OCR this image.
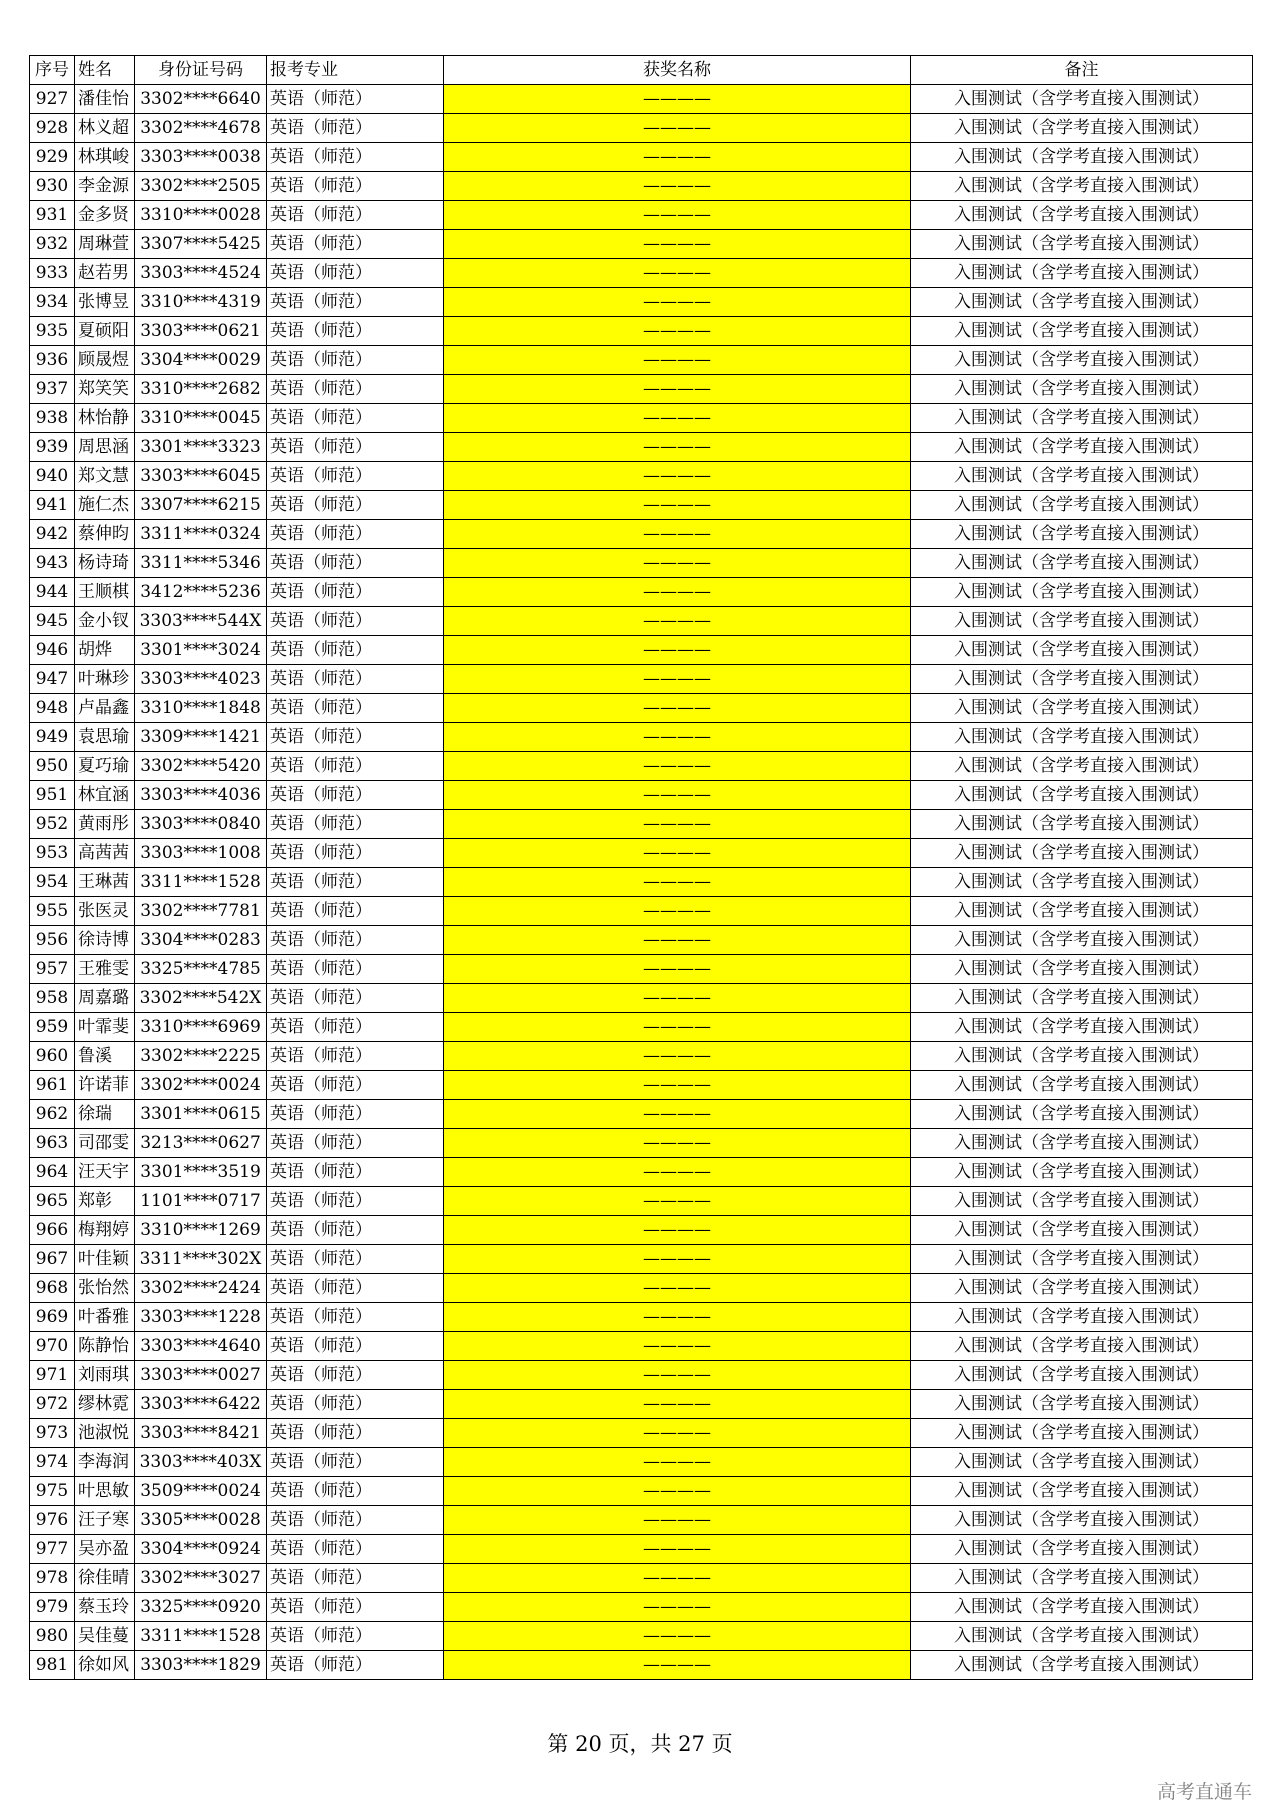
序号	姓名	身份证号码	报考专业	获奖名称	备注
927	潘佳怡	3302****6640	英语（师范）	————	入围测试（含学考直接入围测试）
928	林义超	3302****4678	英语（师范）	————	入围测试（含学考直接入围测试）
929	林琪峻	3303****0038	英语（师范）	————	入围测试（含学考直接入围测试）
930	李金源	3302****2505	英语（师范）	————	入围测试（含学考直接入围测试）
931	金多贤	3310****0028	英语（师范）	————	入围测试（含学考直接入围测试）
932	周琳萱	3307****5425	英语（师范）	————	入围测试（含学考直接入围测试）
933	赵若男	3303****4524	英语（师范）	————	入围测试（含学考直接入围测试）
934	张博昱	3310****4319	英语（师范）	————	入围测试（含学考直接入围测试）
935	夏硕阳	3303****0621	英语（师范）	————	入围测试（含学考直接入围测试）
936	顾晟煜	3304****0029	英语（师范）	————	入围测试（含学考直接入围测试）
937	郑笑笑	3310****2682	英语（师范）	————	入围测试（含学考直接入围测试）
938	林怡静	3310****0045	英语（师范）	————	入围测试（含学考直接入围测试）
939	周思涵	3301****3323	英语（师范）	————	入围测试（含学考直接入围测试）
940	郑文慧	3303****6045	英语（师范）	————	入围测试（含学考直接入围测试）
941	施仁杰	3307****6215	英语（师范）	————	入围测试（含学考直接入围测试）
942	蔡伸昀	3311****0324	英语（师范）	————	入围测试（含学考直接入围测试）
943	杨诗琦	3311****5346	英语（师范）	————	入围测试（含学考直接入围测试）
944	王顺棋	3412****5236	英语（师范）	————	入围测试（含学考直接入围测试）
945	金小钗	3303****544X	英语（师范）	————	入围测试（含学考直接入围测试）
946	胡烨	3301****3024	英语（师范）	————	入围测试（含学考直接入围测试）
947	叶琳珍	3303****4023	英语（师范）	————	入围测试（含学考直接入围测试）
948	卢晶鑫	3310****1848	英语（师范）	————	入围测试（含学考直接入围测试）
949	袁思瑜	3309****1421	英语（师范）	————	入围测试（含学考直接入围测试）
950	夏巧瑜	3302****5420	英语（师范）	————	入围测试（含学考直接入围测试）
951	林宜涵	3303****4036	英语（师范）	————	入围测试（含学考直接入围测试）
952	黄雨彤	3303****0840	英语（师范）	————	入围测试（含学考直接入围测试）
953	高茜茜	3303****1008	英语（师范）	————	入围测试（含学考直接入围测试）
954	王琳茜	3311****1528	英语（师范）	————	入围测试（含学考直接入围测试）
955	张医灵	3302****7781	英语（师范）	————	入围测试（含学考直接入围测试）
956	徐诗博	3304****0283	英语（师范）	————	入围测试（含学考直接入围测试）
957	王雅雯	3325****4785	英语（师范）	————	入围测试（含学考直接入围测试）
958	周嘉璐	3302****542X	英语（师范）	————	入围测试（含学考直接入围测试）
959	叶霏斐	3310****6969	英语（师范）	————	入围测试（含学考直接入围测试）
960	鲁溪	3302****2225	英语（师范）	————	入围测试（含学考直接入围测试）
961	许诺菲	3302****0024	英语（师范）	————	入围测试（含学考直接入围测试）
962	徐瑞	3301****0615	英语（师范）	————	入围测试（含学考直接入围测试）
963	司邵雯	3213****0627	英语（师范）	————	入围测试（含学考直接入围测试）
964	汪天宇	3301****3519	英语（师范）	————	入围测试（含学考直接入围测试）
965	郑彰	1101****0717	英语（师范）	————	入围测试（含学考直接入围测试）
966	梅翔婷	3310****1269	英语（师范）	————	入围测试（含学考直接入围测试）
967	叶佳颖	3311****302X	英语（师范）	————	入围测试（含学考直接入围测试）
968	张怡然	3302****2424	英语（师范）	————	入围测试（含学考直接入围测试）
969	叶番雅	3303****1228	英语（师范）	————	入围测试（含学考直接入围测试）
970	陈静怡	3303****4640	英语（师范）	————	入围测试（含学考直接入围测试）
971	刘雨琪	3303****0027	英语（师范）	————	入围测试（含学考直接入围测试）
972	缪林霓	3303****6422	英语（师范）	————	入围测试（含学考直接入围测试）
973	池淑悦	3303****8421	英语（师范）	————	入围测试（含学考直接入围测试）
974	李海润	3303****403X	英语（师范）	————	入围测试（含学考直接入围测试）
975	叶思敏	3509****0024	英语（师范）	————	入围测试（含学考直接入围测试）
976	汪子寒	3305****0028	英语（师范）	————	入围测试（含学考直接入围测试）
977	吴亦盈	3304****0924	英语（师范）	————	入围测试（含学考直接入围测试）
978	徐佳晴	3302****3027	英语（师范）	————	入围测试（含学考直接入围测试）
979	蔡玉玲	3325****0920	英语（师范）	————	入围测试（含学考直接入围测试）
980	吴佳蔓	3311****1528	英语（师范）	————	入围测试（含学考直接入围测试）
981	徐如风	3303****1829	英语（师范）	————	入围测试（含学考直接入围测试）
第 20 页，共 27 页
高考直通车
